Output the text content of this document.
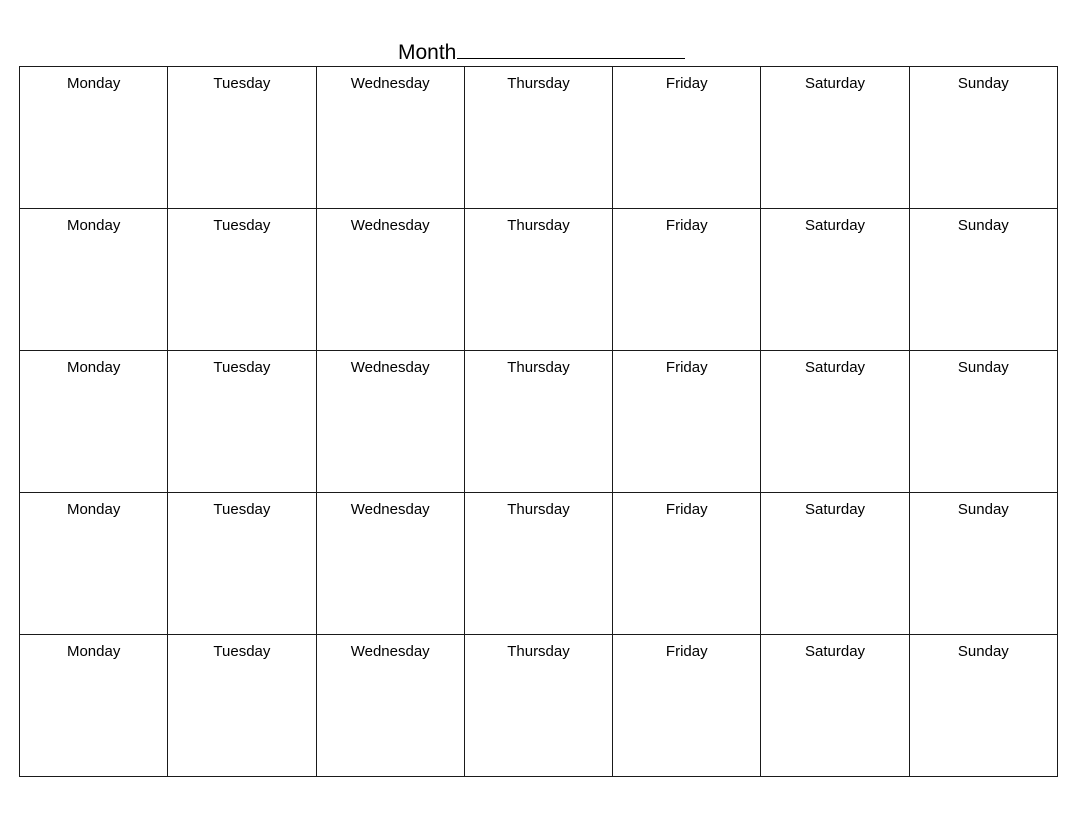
Month
Monday	Tuesday	Wednesday	Thursday	Friday	Saturday	Sunday

Monday	Tuesday	Wednesday	Thursday	Friday	Saturday	Sunday

Monday	Tuesday	Wednesday	Thursday	Friday	Saturday	Sunday

Monday	Tuesday	Wednesday	Thursday	Friday	Saturday	Sunday

Monday	Tuesday	Wednesday	Thursday	Friday	Saturday	Sunday
